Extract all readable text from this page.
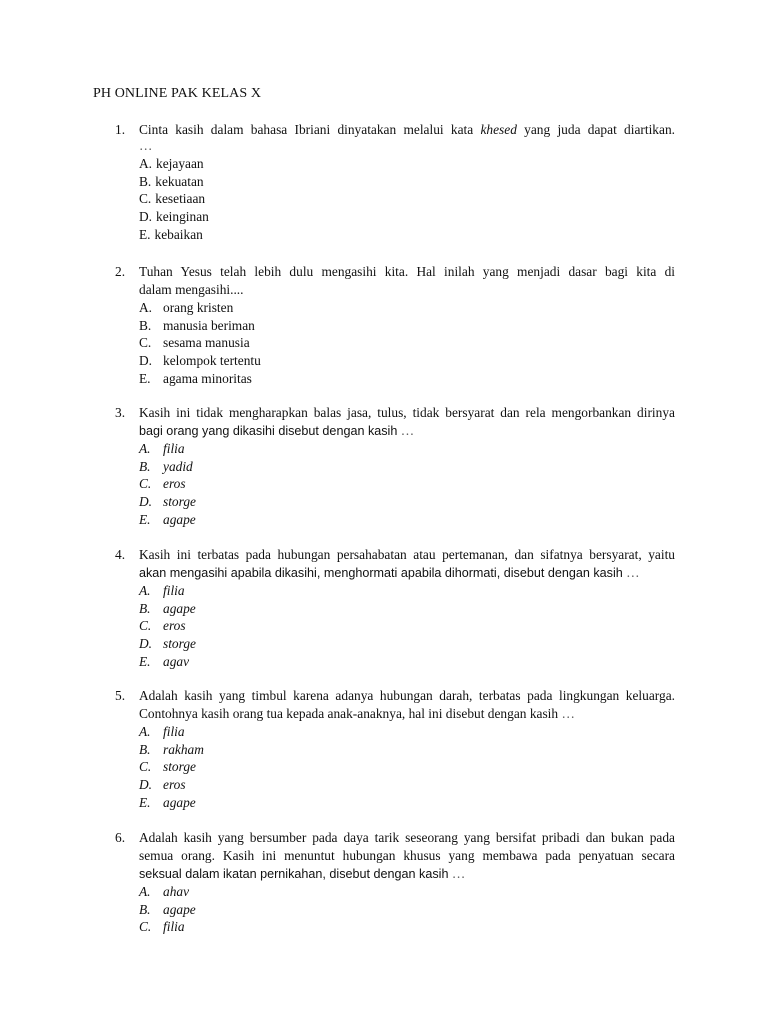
PH ONLINE PAK KELAS X
1.	Cinta kasih dalam bahasa Ibriani dinyatakan melalui kata khesed yang juda dapat diartikan.
…
A. kejayaan
B. kekuatan
C. kesetiaan
D. keinginan
E. kebaikan
2.	Tuhan Yesus telah lebih dulu mengasihi kita. Hal inilah yang menjadi dasar bagi kita di
dalam mengasihi....
A. orang kristen
B. manusia beriman
C. sesama manusia
D. kelompok tertentu
E. agama minoritas
3.	Kasih ini tidak mengharapkan balas jasa, tulus, tidak bersyarat dan rela mengorbankan dirinya
bagi orang yang dikasihi disebut dengan kasih …
A. filia
B. yadid
C. eros
D. storge
E. agape
4.	Kasih ini terbatas pada hubungan persahabatan atau pertemanan, dan sifatnya bersyarat, yaitu
akan mengasihi apabila dikasihi, menghormati apabila dihormati, disebut dengan kasih …
A. filia
B. agape
C. eros
D. storge
E. agav
5.	Adalah kasih yang timbul karena adanya hubungan darah, terbatas pada lingkungan keluarga.
Contohnya kasih orang tua kepada anak-anaknya, hal ini disebut dengan kasih …
A. filia
B. rakham
C. storge
D. eros
E. agape
6.	Adalah kasih yang bersumber pada daya tarik seseorang yang bersifat pribadi dan bukan pada
semua orang. Kasih ini menuntut hubungan khusus yang membawa pada penyatuan secara
seksual dalam ikatan pernikahan, disebut dengan kasih …
A. ahav
B. agape
C. filia
